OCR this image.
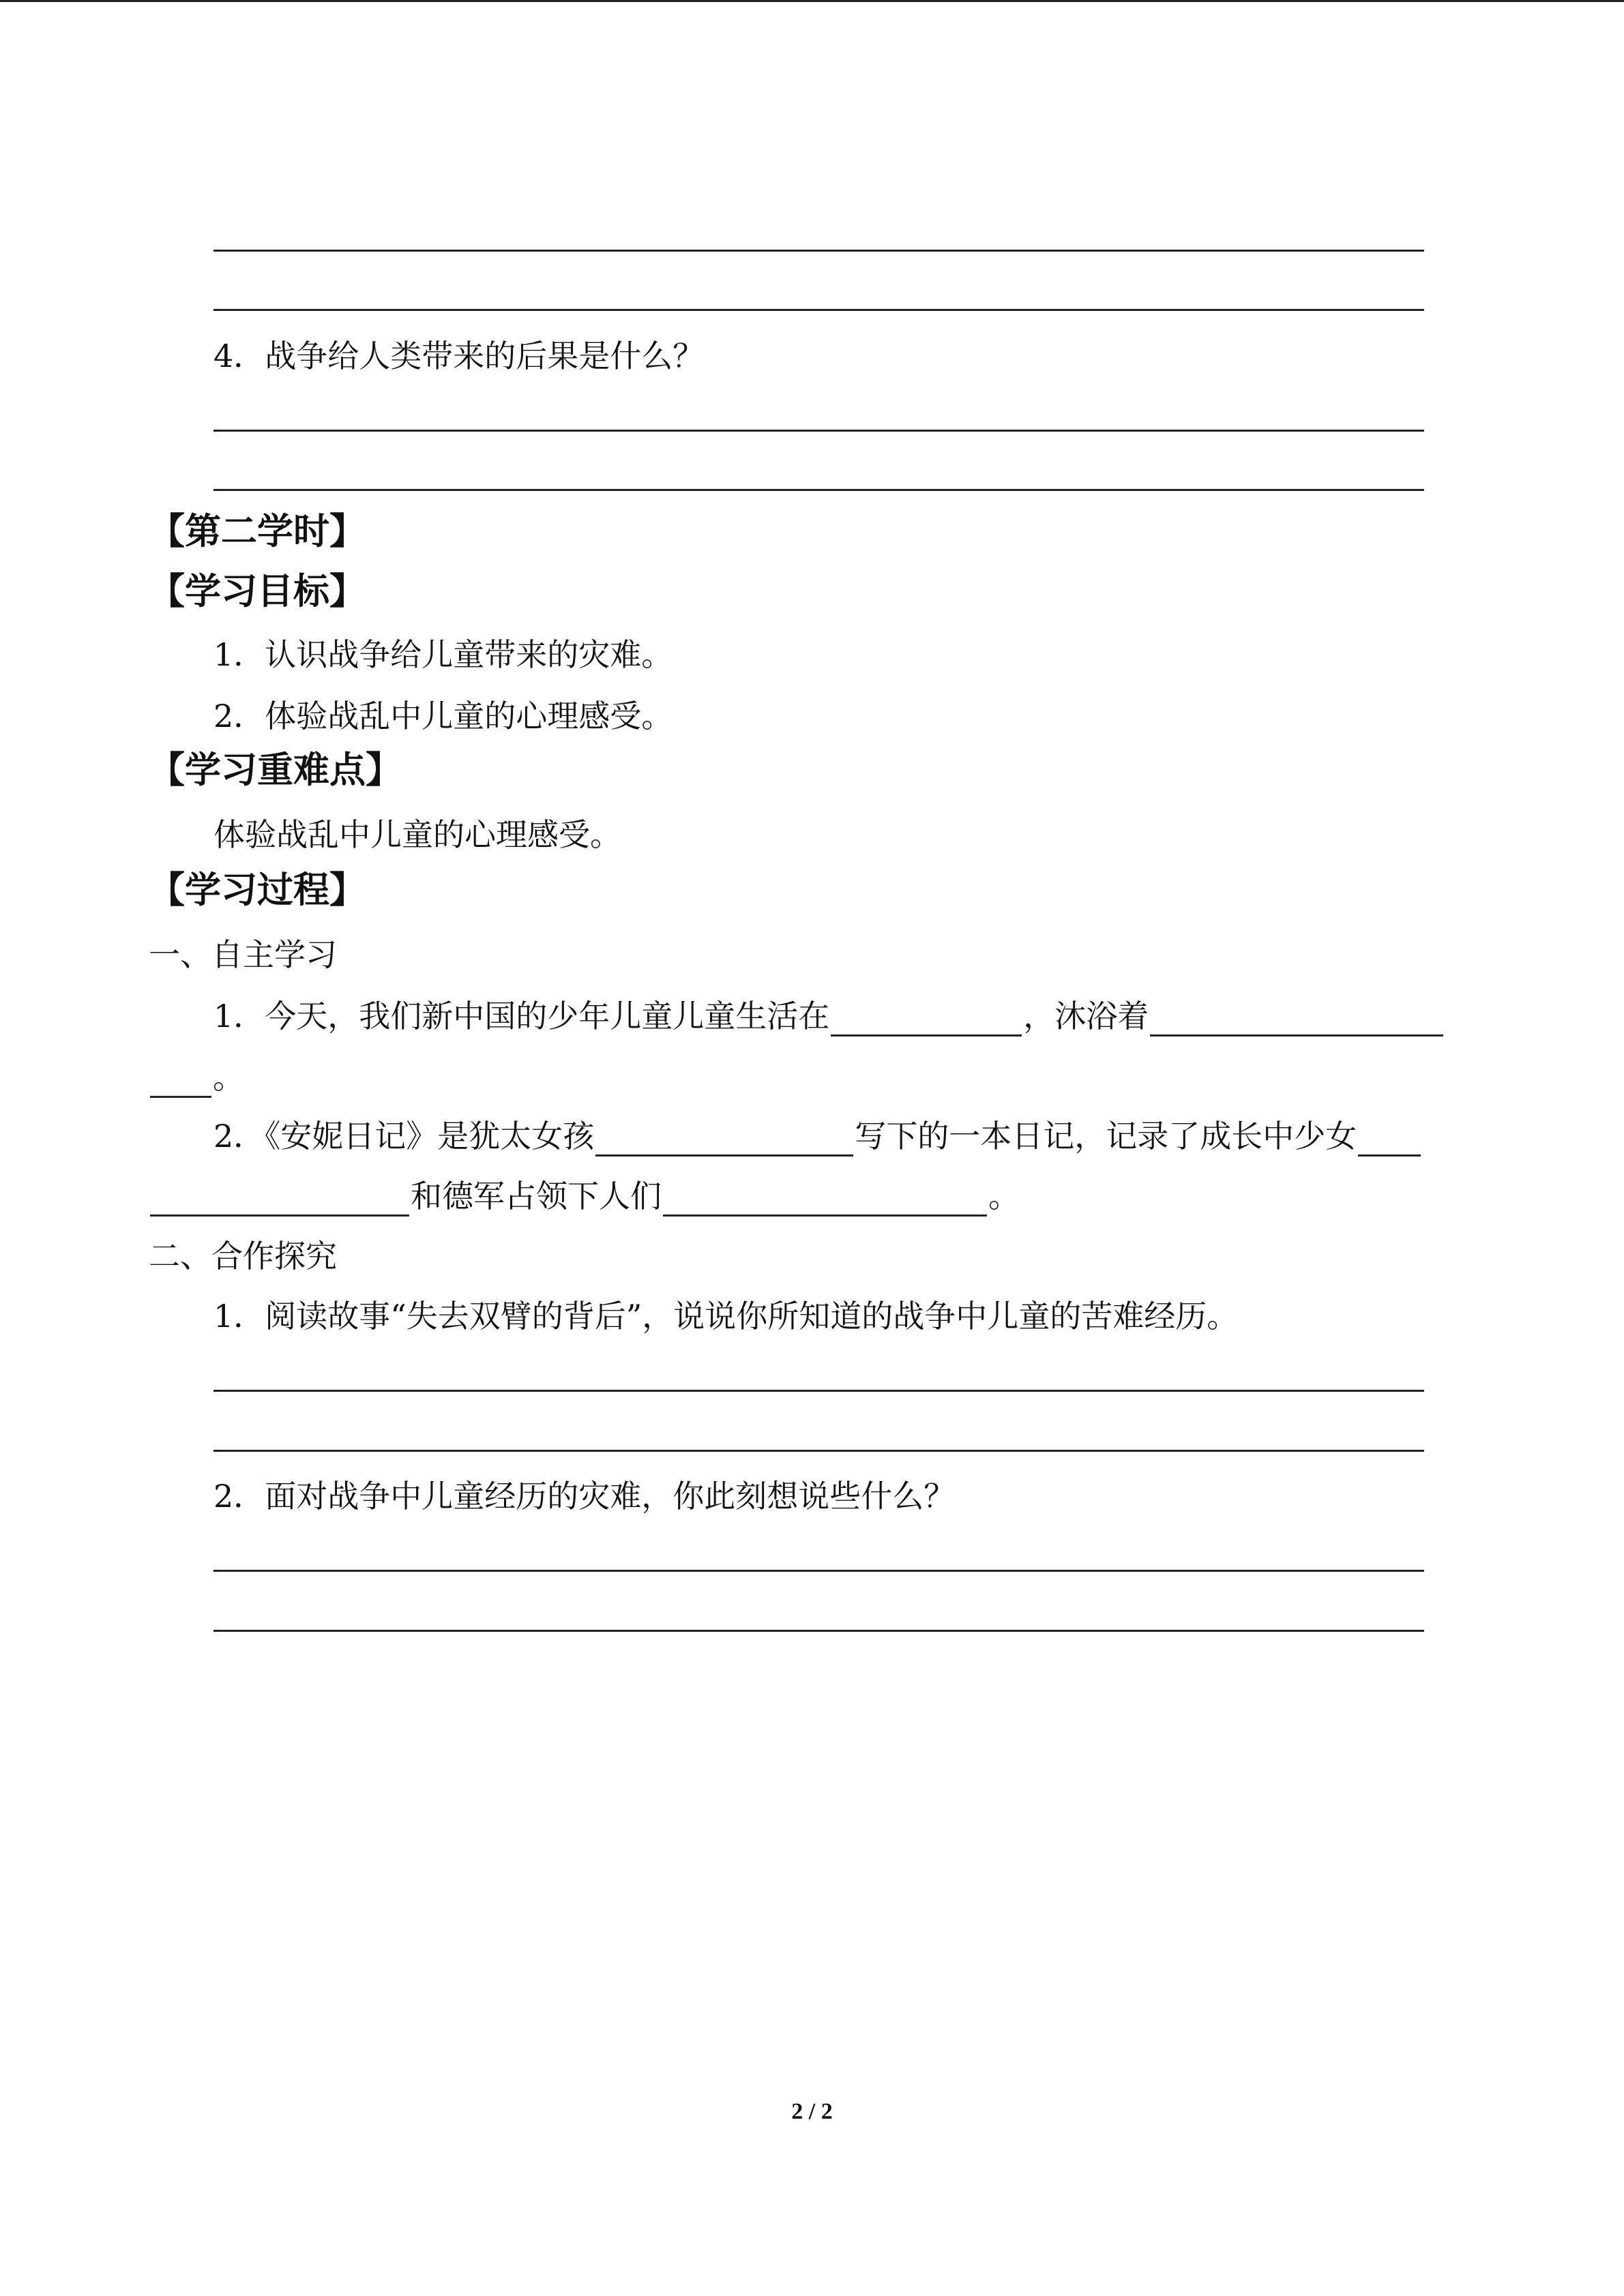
4．战争给人类带来的后果是什么？
【第二学时】
【学习目标】
1．认识战争给儿童带来的灾难。
2．体验战乱中儿童的心理感受。
【学习重难点】
体验战乱中儿童的心理感受。
【学习过程】
一、自主学习
1．今天，我们新中国的少年儿童儿童生活在	，沐浴着
。
2．《安妮日记》是犹太女孩	写下的一本日记，记录了成长中少女
和德军占领下人们	。
二、合作探究
1．阅读故事“失去双臂的背后”，说说你所知道的战争中儿童的苦难经历。
2．面对战争中儿童经历的灾难，你此刻想说些什么？
2 / 2
